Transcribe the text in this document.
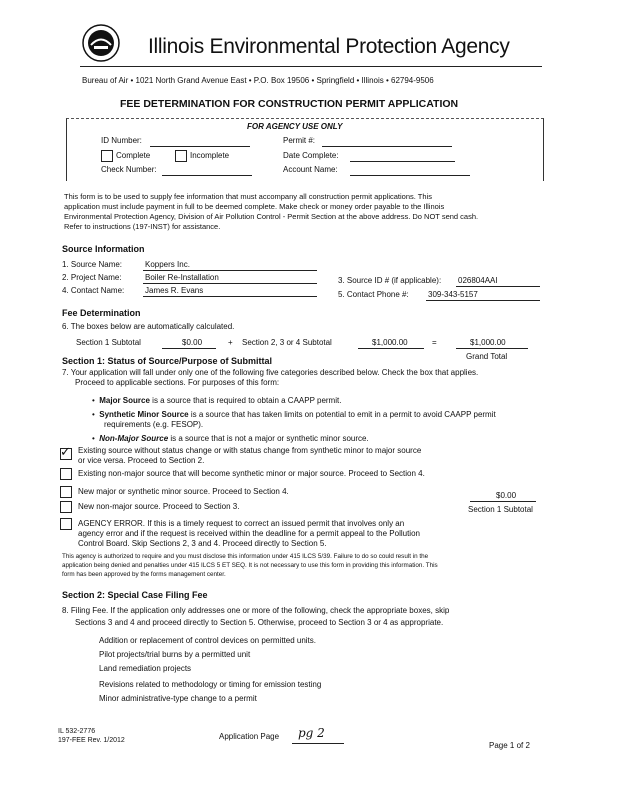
Illinois Environmental Protection Agency
Bureau of Air • 1021 North Grand Avenue East • P.O. Box 19506 • Springfield • Illinois • 62794-9506
FEE DETERMINATION FOR CONSTRUCTION PERMIT APPLICATION
FOR AGENCY USE ONLY
ID Number:	Permit #:
Complete	Incomplete	Date Complete:
Check Number:	Account Name:
This form is to be used to supply fee information that must accompany all construction permit applications. This
application must include payment in full to be deemed complete. Make check or money order payable to the Illinois
Environmental Protection Agency, Division of Air Pollution Control - Permit Section at the above address. Do NOT send cash.
Refer to instructions (197-INST) for assistance.
Source Information
1. Source Name:	Koppers Inc.
2. Project Name:	Boiler Re-Installation
4. Contact Name:	James R. Evans
3. Source ID # (if applicable): 026804AAI
5. Contact Phone #: 309-343-5157
Fee Determination
6. The boxes below are automatically calculated.
Section 1 Subtotal	$0.00	+ Section 2, 3 or 4 Subtotal	$1,000.00	=	$1,000.00
Grand Total
Section 1: Status of Source/Purpose of Submittal
7. Your application will fall under only one of the following five categories described below. Check the box that applies.
Proceed to applicable sections. For purposes of this form:
•  Major Source is a source that is required to obtain a CAAPP permit.
•  Synthetic Minor Source is a source that has taken limits on potential to emit in a permit to avoid CAAPP permit
requirements (e.g. FESOP).
•  Non-Major Source is a source that is not a major or synthetic minor source.
✓ Existing source without status change or with status change from synthetic minor to major source
or vice versa. Proceed to Section 2.
Existing non-major source that will become synthetic minor or major source. Proceed to Section 4.
New major or synthetic minor source. Proceed to Section 4.	$0.00
Section 1 Subtotal
New non-major source. Proceed to Section 3.
AGENCY ERROR. If this is a timely request to correct an issued permit that involves only an
agency error and if the request is received within the deadline for a permit appeal to the Pollution
Control Board. Skip Sections 2, 3 and 4. Proceed directly to Section 5.
This agency is authorized to require and you must disclose this information under 415 ILCS 5/39. Failure to do so could result in the
application being denied and penalties under 415 ILCS 5 ET SEQ. It is not necessary to use this form in providing this information. This
form has been approved by the forms management center.
Section 2: Special Case Filing Fee
8. Filing Fee. If the application only addresses one or more of the following, check the appropriate boxes, skip
Sections 3 and 4 and proceed directly to Section 5. Otherwise, proceed to Section 3 or 4 as appropriate.
Addition or replacement of control devices on permitted units.
Pilot projects/trial burns by a permitted unit
Land remediation projects
Revisions related to methodology or timing for emission testing
Minor administrative-type change to a permit
IL 532-2776
197-FEE Rev. 1/2012	Application Page pg 2
Page 1 of 2
